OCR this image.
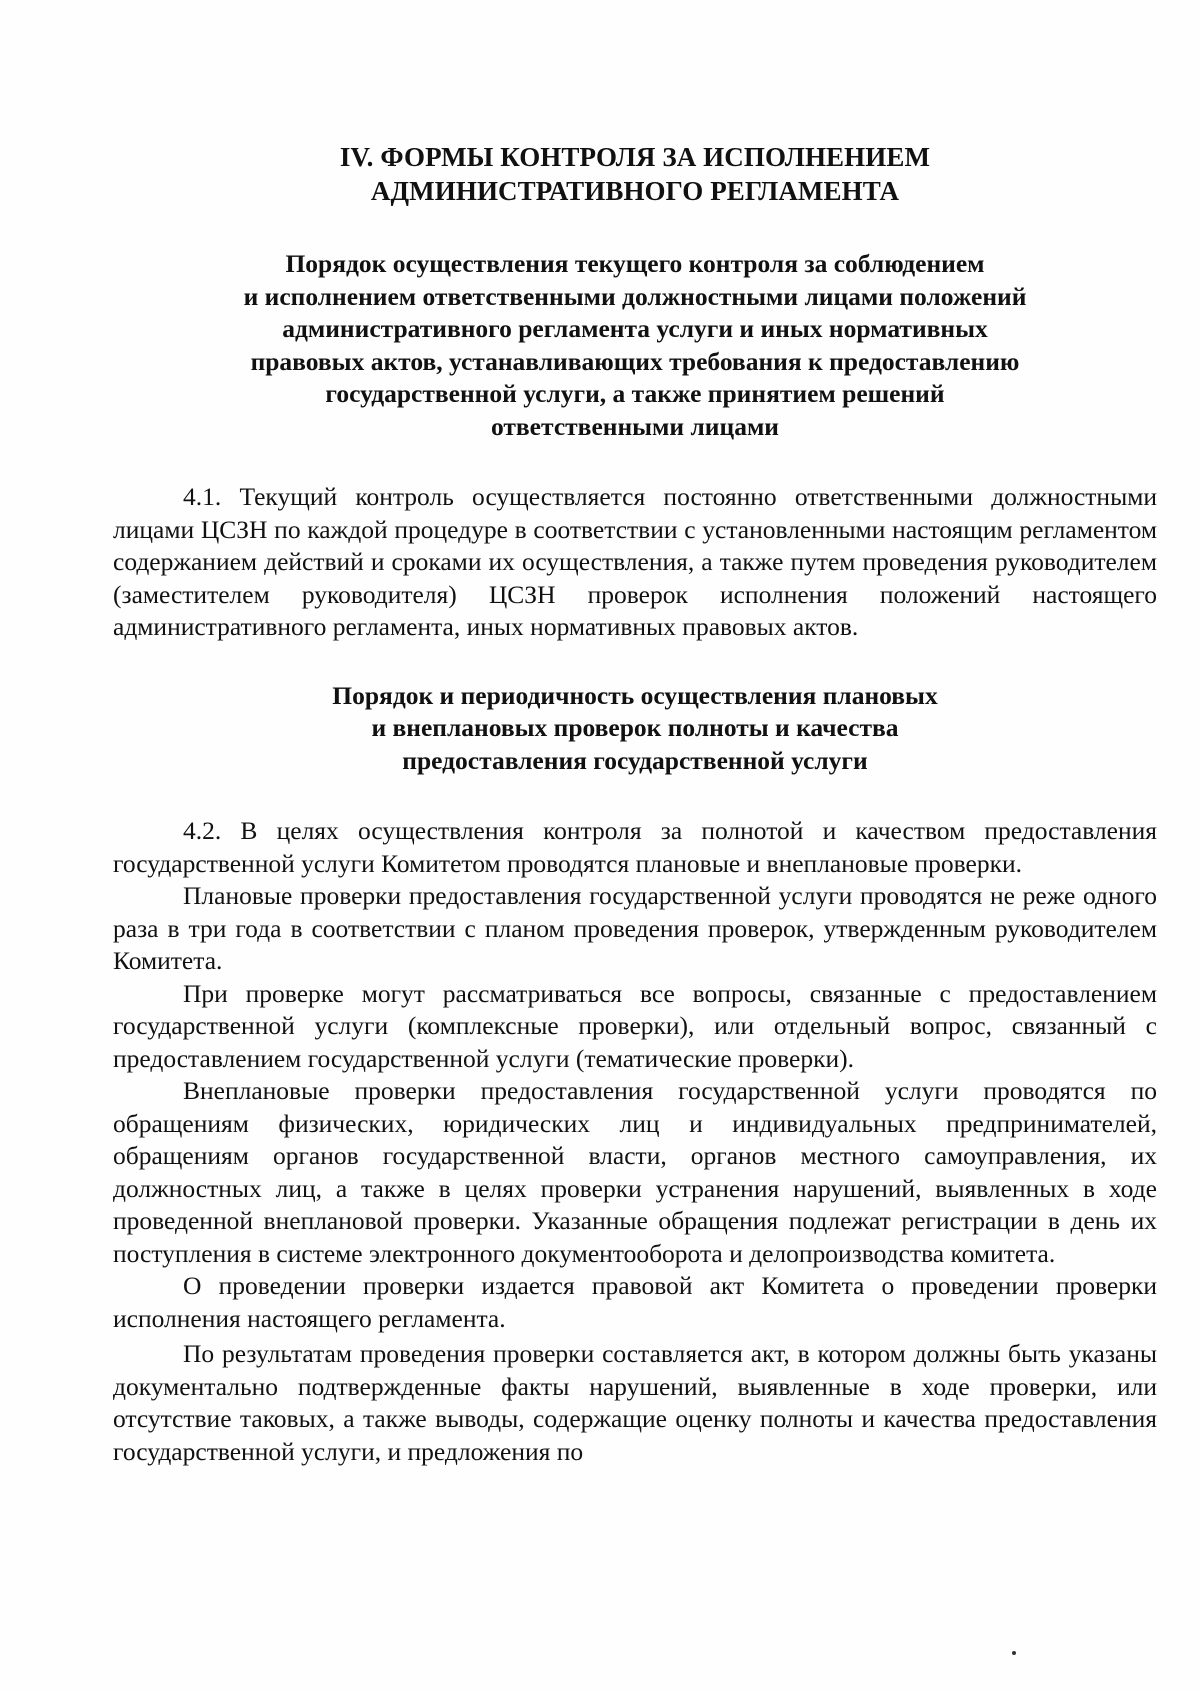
IV. ФОРМЫ КОНТРОЛЯ ЗА ИСПОЛНЕНИЕМ
АДМИНИСТРАТИВНОГО РЕГЛАМЕНТА
Порядок осуществления текущего контроля за соблюдением
и исполнением ответственными должностными лицами положений
административного регламента услуги и иных нормативных
правовых актов, устанавливающих требования к предоставлению
государственной услуги, а также принятием решений
ответственными лицами

4.1. Текущий контроль осуществляется постоянно ответственными должностными лицами ЦСЗН по каждой процедуре в соответствии с установленными настоящим регламентом содержанием действий и сроками их осуществления, а также путем проведения руководителем (заместителем руководителя) ЦСЗН проверок исполнения положений настоящего административного регламента, иных нормативных правовых актов.

Порядок и периодичность осуществления плановых
и внеплановых проверок полноты и качества
предоставления государственной услуги

4.2. В целях осуществления контроля за полнотой и качеством предоставления государственной услуги Комитетом проводятся плановые и внеплановые проверки.

Плановые проверки предоставления государственной услуги проводятся не реже одного раза в три года в соответствии с планом проведения проверок, утвержденным руководителем Комитета.

При проверке могут рассматриваться все вопросы, связанные с предоставлением государственной услуги (комплексные проверки), или отдельный вопрос, связанный с предоставлением государственной услуги (тематические проверки).

Внеплановые проверки предоставления государственной услуги проводятся по обращениям физических, юридических лиц и индивидуальных предпринимателей, обращениям органов государственной власти, органов местного самоуправления, их должностных лиц, а также в целях проверки устранения нарушений, выявленных в ходе проведенной внеплановой проверки. Указанные обращения подлежат регистрации в день их поступления в системе электронного документооборота и делопроизводства комитета.

О проведении проверки издается правовой акт Комитета о проведении проверки исполнения настоящего регламента.

По результатам проведения проверки составляется акт, в котором должны быть указаны документально подтвержденные факты нарушений, выявленные в ходе проверки, или отсутствие таковых, а также выводы, содержащие оценку полноты и качества предоставления государственной услуги, и предложения по
